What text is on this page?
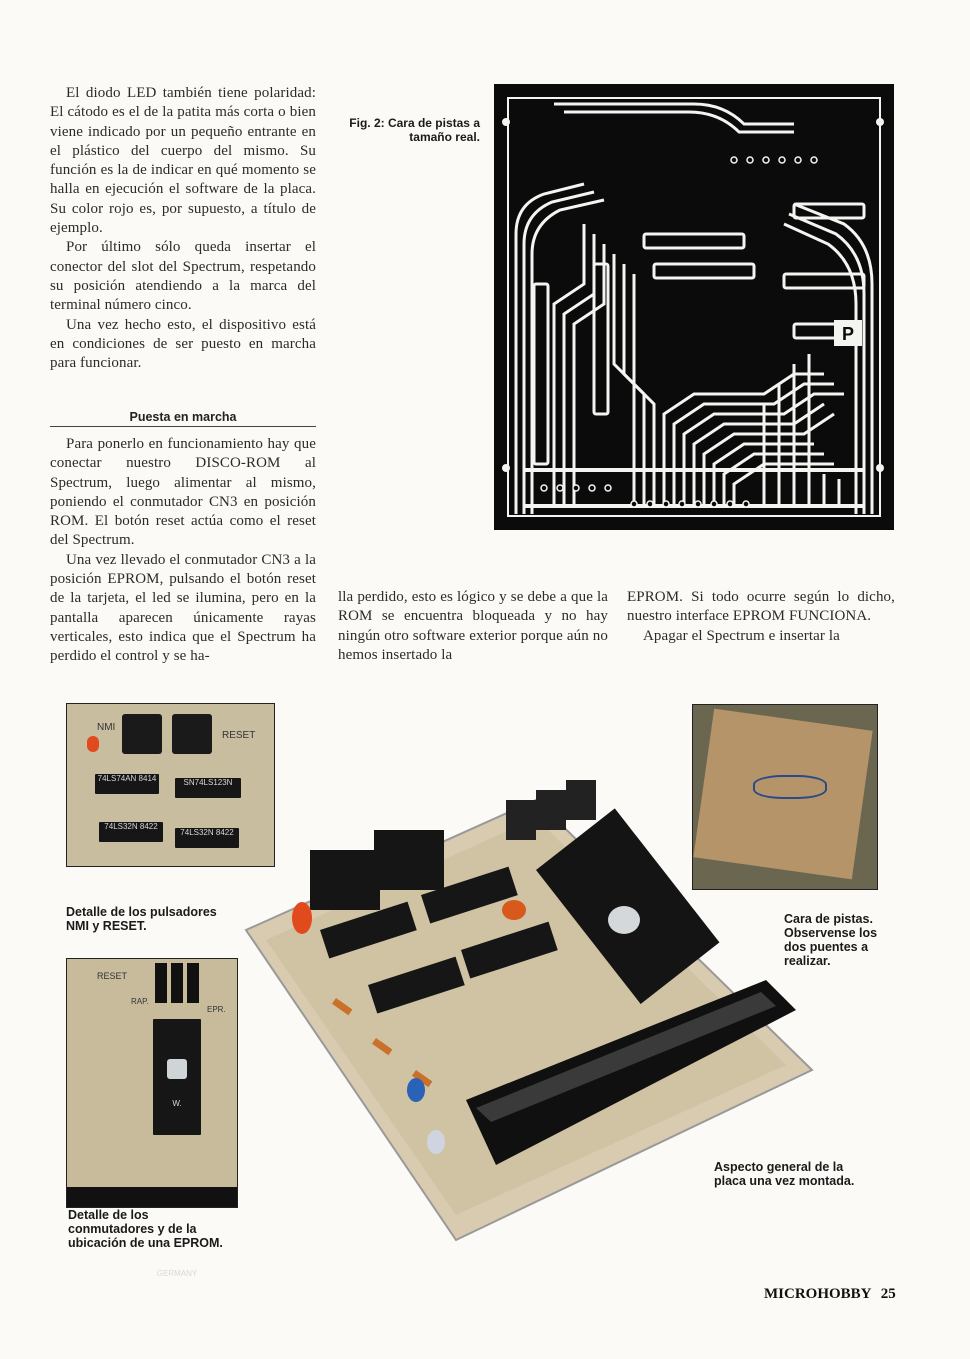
El diodo LED también tiene polaridad: El cátodo es el de la patita más corta o bien viene indicado por un pequeño entrante en el plástico del cuerpo del mismo. Su función es la de indicar en qué momento se halla en ejecución el software de la placa. Su color rojo es, por supuesto, a título de ejemplo.

Por último sólo queda insertar el conector del slot del Spectrum, respetando su posición atendiendo a la marca del terminal número cinco.

Una vez hecho esto, el dispositivo está en condiciones de ser puesto en marcha para funcionar.

Puesta en marcha

Para ponerlo en funcionamiento hay que conectar nuestro DISCO-ROM al Spectrum, luego alimentar al mismo, poniendo el conmutador CN3 en posición ROM. El botón reset actúa como el reset del Spectrum.

Una vez llevado el conmutador CN3 a la posición EPROM, pulsando el botón reset de la tarjeta, el led se ilumina, pero en la pantalla aparecen únicamente rayas verticales, esto indica que el Spectrum ha perdido el control y se ha-

lla perdido, esto es lógico y se debe a que la ROM se encuentra bloqueada y no hay ningún otro software exterior porque aún no hemos insertado la

EPROM. Si todo ocurre según lo dicho, nuestro interface EPROM FUNCIONA.

Apagar el Spectrum e insertar la

Fig. 2: Cara de pistas a tamaño real.
P
NMI
RESET
74LS74AN 8414	SN74LS123N
74LS32N 8422
74LS32N 8422
Detalle de los pulsadores NMI y RESET.
RESET
RAP.
EPR.
W. GERMANY
Detalle de los conmutadores y de la ubicación de una EPROM.
Cara de pistas. Observense los dos puentes a realizar.
Aspecto general de la placa una vez montada.
MICROHOBBY 25
